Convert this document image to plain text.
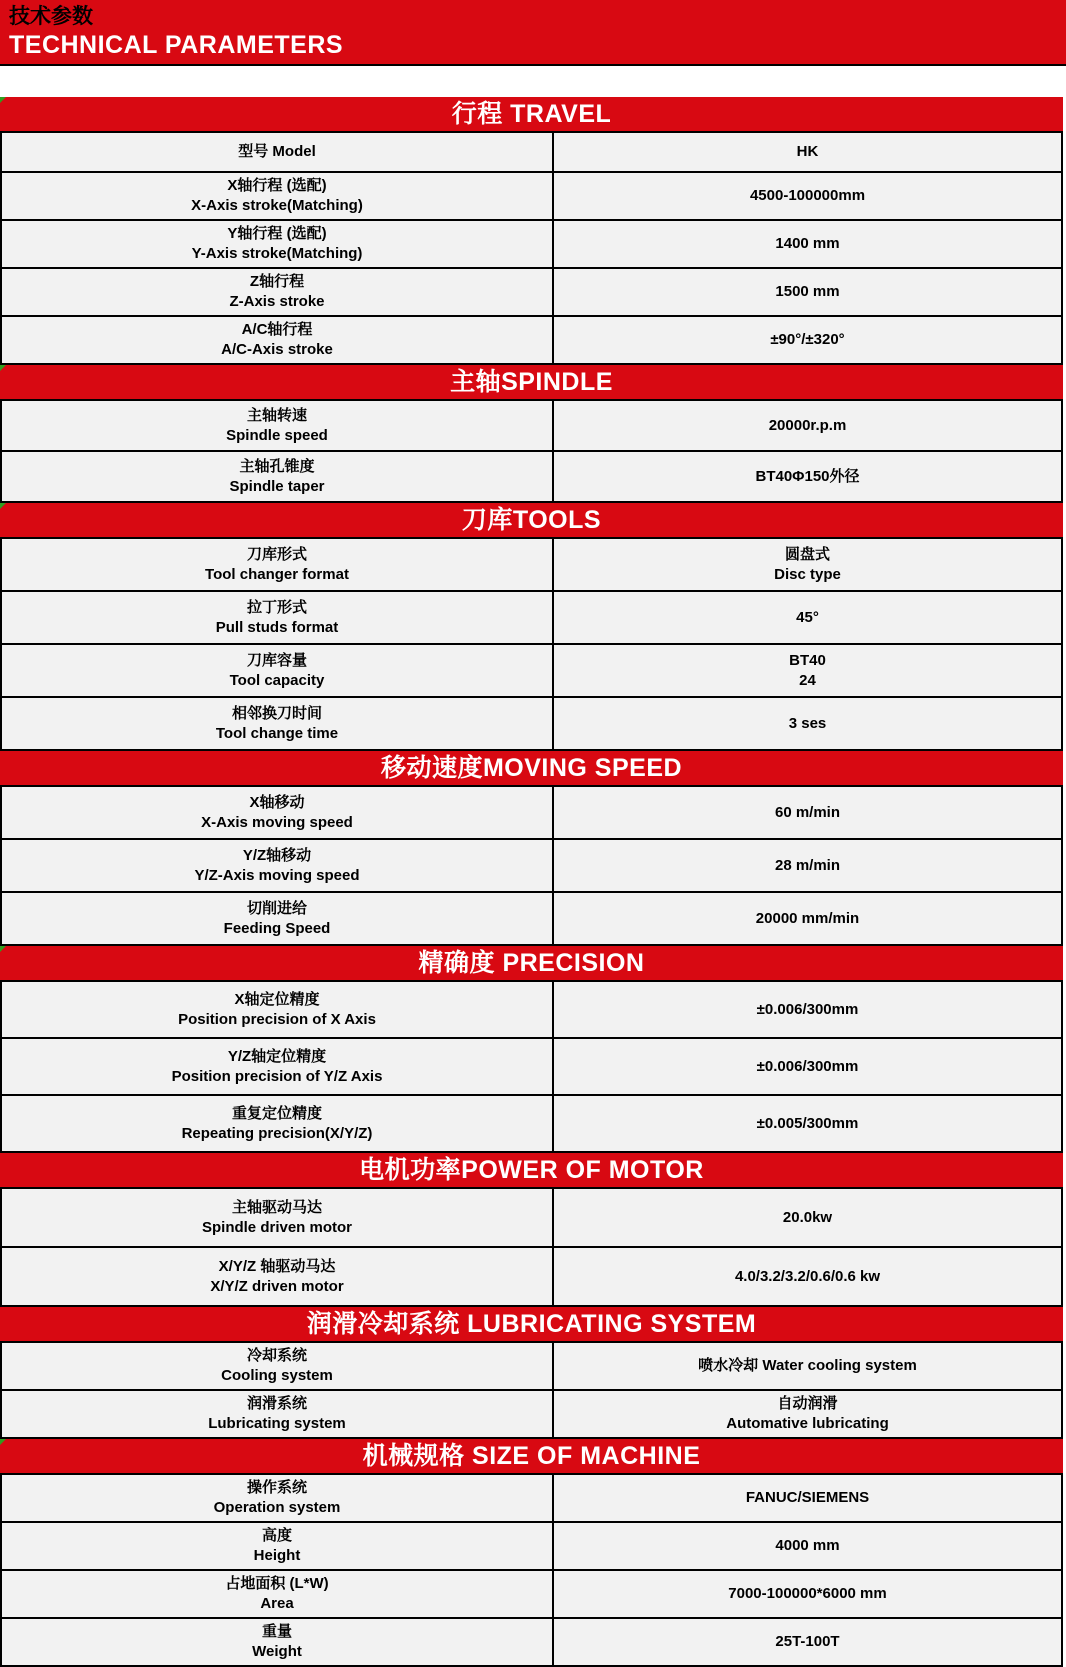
技术参数
TECHNICAL PARAMETERS
行程 TRAVEL
型号 Model	HK
X轴行程 (选配)
X-Axis stroke(Matching)
4500-100000mm
Y轴行程 (选配)
Y-Axis stroke(Matching)
1400 mm
Z轴行程
Z-Axis stroke
1500 mm
A/C轴行程
A/C-Axis stroke
±90°/±320°
主轴SPINDLE
主轴转速
Spindle speed
20000r.p.m
主轴孔锥度
Spindle taper
BT40Φ150外径
刀库TOOLS
刀库形式
Tool changer format
圆盘式
Disc type
拉丁形式
Pull studs format
45°
刀库容量
Tool capacity
BT40
24
相邻换刀时间
Tool change time
3 ses
移动速度MOVING SPEED
X轴移动
X-Axis moving speed
60 m/min
Y/Z轴移动
Y/Z-Axis moving speed
28 m/min
切削进给
Feeding Speed
20000 mm/min
精确度 PRECISION
X轴定位精度
Position precision of X Axis
±0.006/300mm
Y/Z轴定位精度
Position precision of Y/Z Axis
±0.006/300mm
重复定位精度
Repeating precision(X/Y/Z)
±0.005/300mm
电机功率POWER OF MOTOR
主轴驱动马达
Spindle driven motor
20.0kw
X/Y/Z 轴驱动马达
X/Y/Z driven motor
4.0/3.2/3.2/0.6/0.6 kw
润滑冷却系统 LUBRICATING SYSTEM
冷却系统
Cooling system
喷水冷却 Water cooling system
润滑系统
Lubricating system
自动润滑
Automative lubricating
机械规格 SIZE OF MACHINE
操作系统
Operation system
FANUC/SIEMENS
高度
Height
4000 mm
占地面积 (L*W)
Area
7000-100000*6000 mm
重量
Weight
25T-100T
